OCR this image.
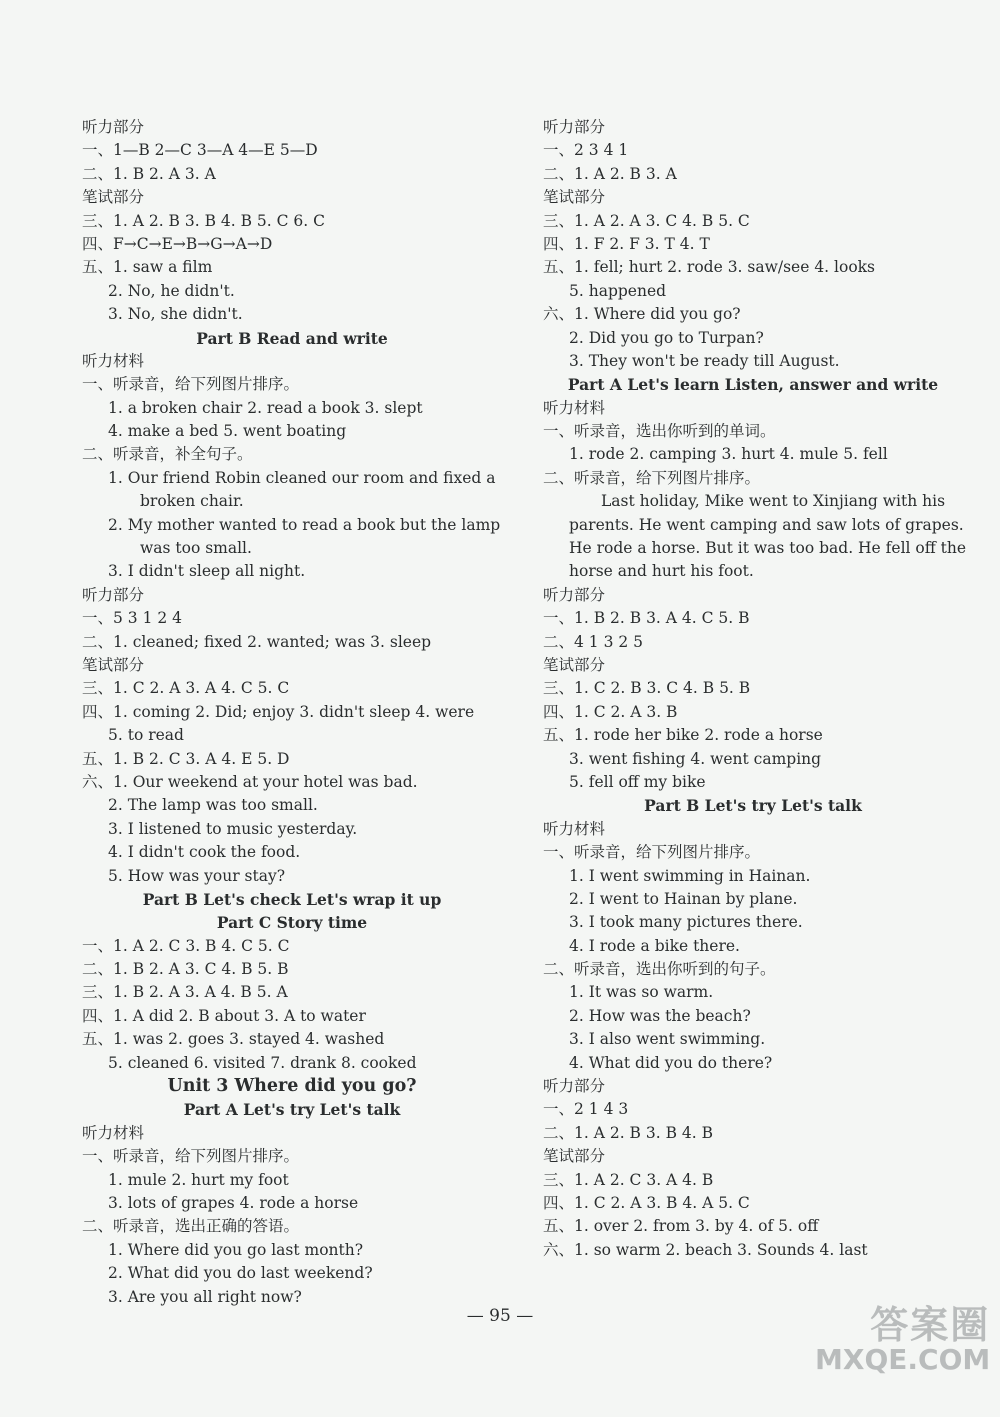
听力部分
一、1—B 2—C 3—A 4—E 5—D
二、1. B 2. A 3. A
笔试部分
三、1. A 2. B 3. B 4. B 5. C 6. C
四、F→C→E→B→G→A→D
五、1. saw a film
2. No, he didn't.
3. No, she didn't.
Part B Read and write
听力材料
一、听录音，给下列图片排序。
1. a broken chair 2. read a book 3. slept
4. make a bed 5. went boating
二、听录音，补全句子。
1. Our friend Robin cleaned our room and fixed a
broken chair.
2. My mother wanted to read a book but the lamp
was too small.
3. I didn't sleep all night.
听力部分
一、5 3 1 2 4
二、1. cleaned; fixed 2. wanted; was 3. sleep
笔试部分
三、1. C 2. A 3. A 4. C 5. C
四、1. coming 2. Did; enjoy 3. didn't sleep 4. were
5. to read
五、1. B 2. C 3. A 4. E 5. D
六、1. Our weekend at your hotel was bad.
2. The lamp was too small.
3. I listened to music yesterday.
4. I didn't cook the food.
5. How was your stay?
Part B Let's check Let's wrap it up
Part C Story time
一、1. A 2. C 3. B 4. C 5. C
二、1. B 2. A 3. C 4. B 5. B
三、1. B 2. A 3. A 4. B 5. A
四、1. A did 2. B about 3. A to water
五、1. was 2. goes 3. stayed 4. washed
5. cleaned 6. visited 7. drank 8. cooked
Unit 3 Where did you go?
Part A Let's try Let's talk
听力材料
一、听录音，给下列图片排序。
1. mule 2. hurt my foot
3. lots of grapes 4. rode a horse
二、听录音，选出正确的答语。
1. Where did you go last month?
2. What did you do last weekend?
3. Are you all right now?
听力部分
一、2 3 4 1
二、1. A 2. B 3. A
笔试部分
三、1. A 2. A 3. C 4. B 5. C
四、1. F 2. F 3. T 4. T
五、1. fell; hurt 2. rode 3. saw/see 4. looks
5. happened
六、1. Where did you go?
2. Did you go to Turpan?
3. They won't be ready till August.
Part A Let's learn Listen, answer and write
听力材料
一、听录音，选出你听到的单词。
1. rode 2. camping 3. hurt 4. mule 5. fell
二、听录音，给下列图片排序。
Last holiday, Mike went to Xinjiang with his
parents. He went camping and saw lots of grapes.
He rode a horse. But it was too bad. He fell off the
horse and hurt his foot.
听力部分
一、1. B 2. B 3. A 4. C 5. B
二、4 1 3 2 5
笔试部分
三、1. C 2. B 3. C 4. B 5. B
四、1. C 2. A 3. B
五、1. rode her bike 2. rode a horse
3. went fishing 4. went camping
5. fell off my bike
Part B Let's try Let's talk
听力材料
一、听录音，给下列图片排序。
1. I went swimming in Hainan.
2. I went to Hainan by plane.
3. I took many pictures there.
4. I rode a bike there.
二、听录音，选出你听到的句子。
1. It was so warm.
2. How was the beach?
3. I also went swimming.
4. What did you do there?
听力部分
一、2 1 4 3
二、1. A 2. B 3. B 4. B
笔试部分
三、1. A 2. C 3. A 4. B
四、1. C 2. A 3. B 4. A 5. C
五、1. over 2. from 3. by 4. of 5. off
六、1. so warm 2. beach 3. Sounds 4. last
— 95 —	答案圈
MXQE.COM
